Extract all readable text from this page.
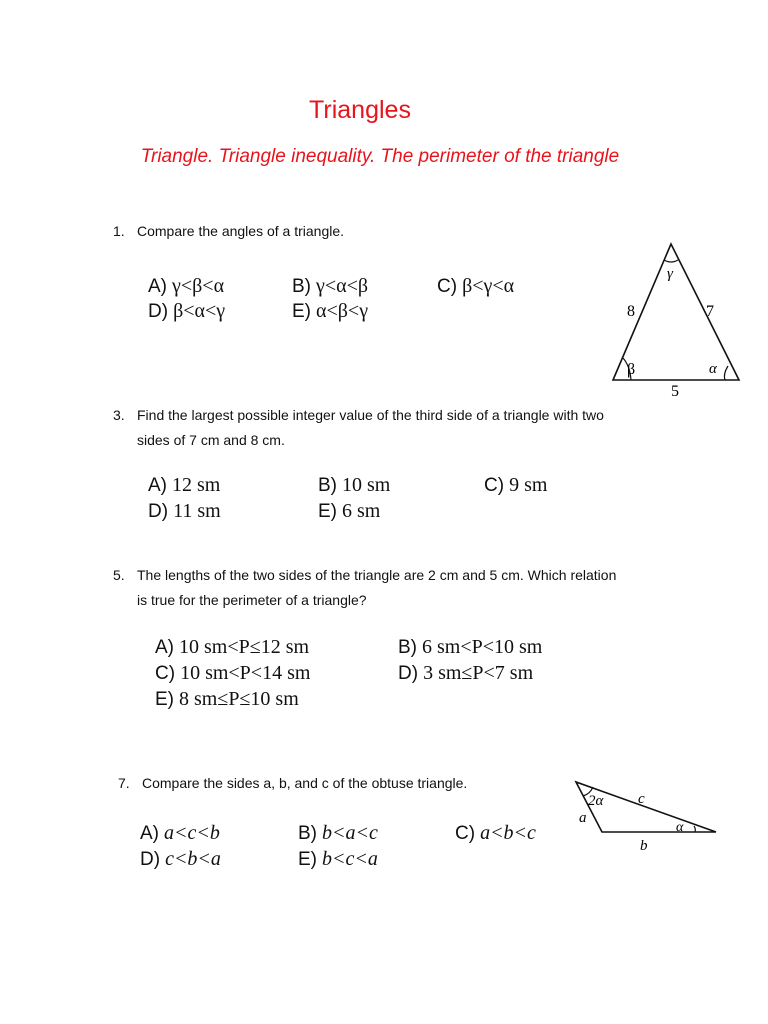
Triangles
Triangle. Triangle inequality. The perimeter of the triangle
1. Compare the angles of a triangle.
A) γ<β<α	B) γ<α<β	C) β<γ<α
D) β<α<γ	E) α<β<γ
γ
β	α
8	7
5
3. Find the largest possible integer value of the third side of a triangle with two
sides of 7 cm and 8 cm.
A) 12 sm	B) 10 sm	C) 9 sm
D) 11 sm	E) 6 sm
5. The lengths of the two sides of the triangle are 2 cm and 5 cm. Which relation
is true for the perimeter of a triangle?
A) 10 sm<P≤12 sm	B) 6 sm<P<10 sm
C) 10 sm<P<14 sm	D) 3 sm≤P<7 sm
E) 8 sm≤P≤10 sm
7. Compare the sides a, b, and c of the obtuse triangle.
A) a<c<b	B) b<a<c	C) a<b<c
D) c<b<a	E) b<c<a
2α
α
a
c
b
